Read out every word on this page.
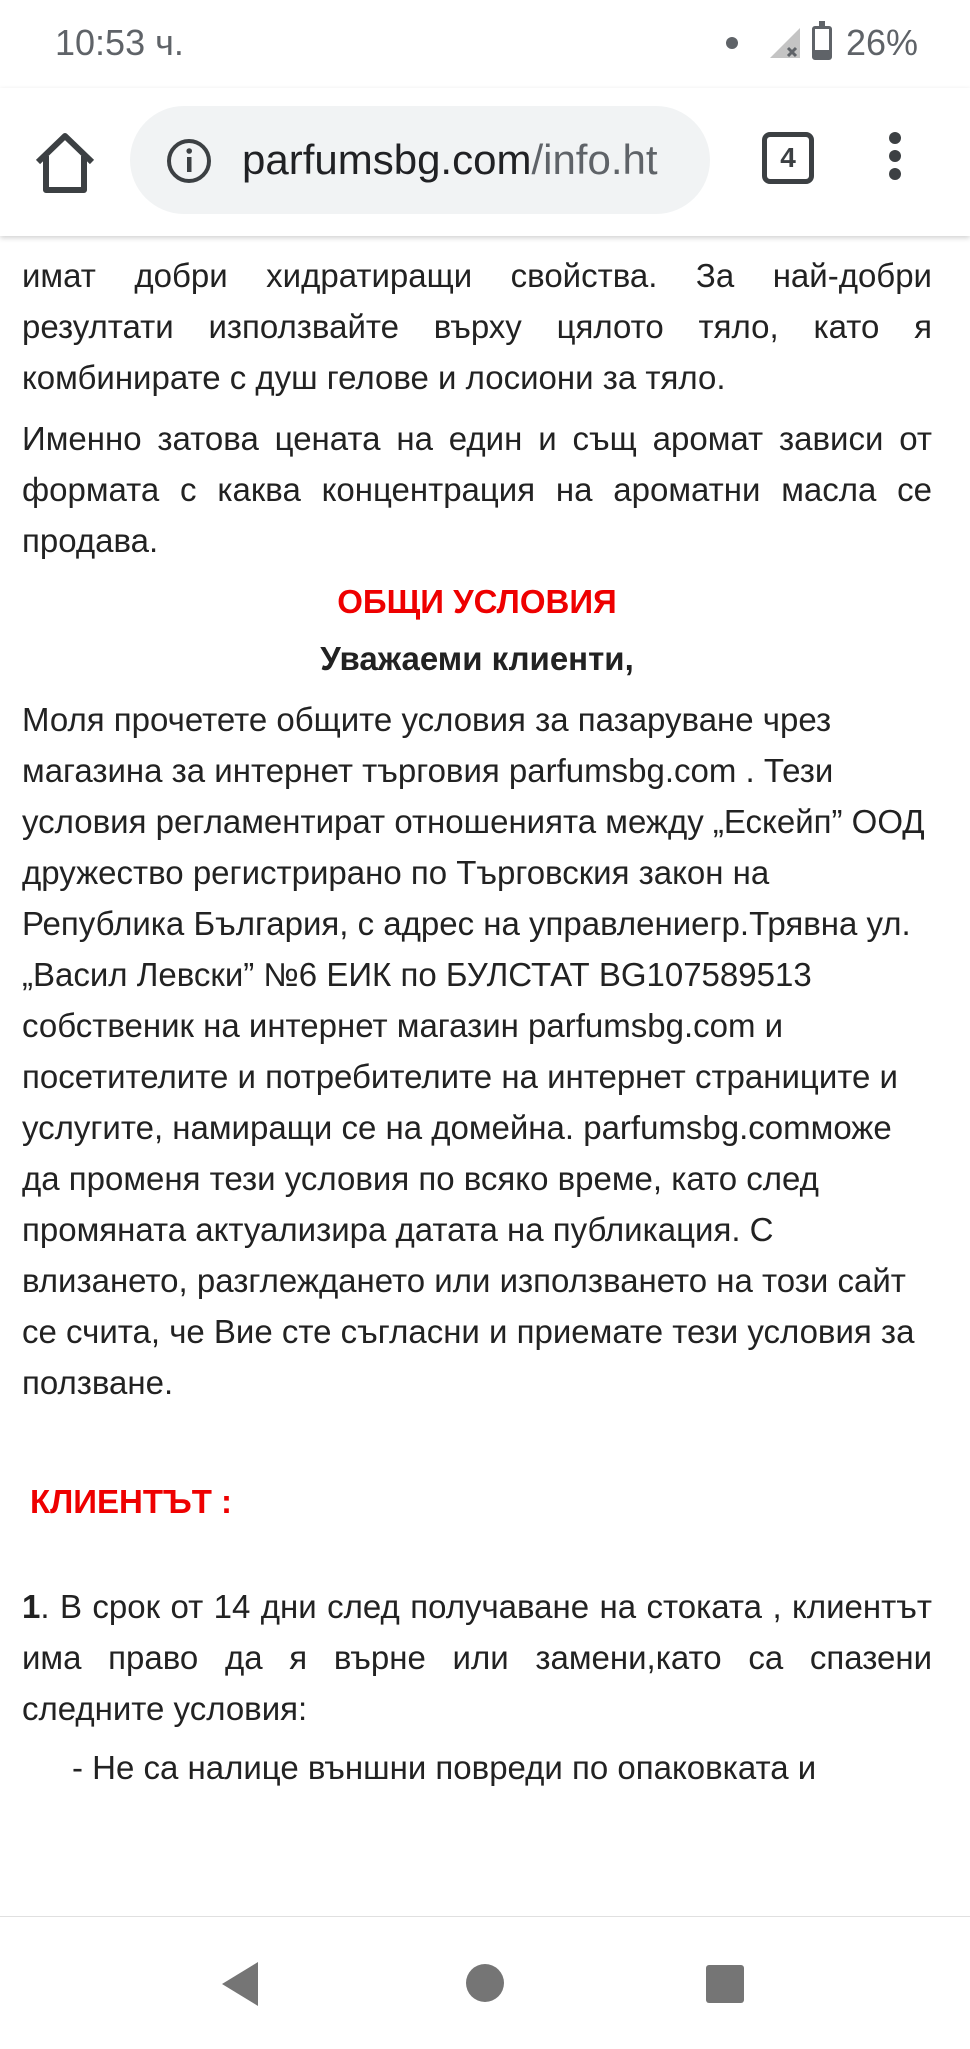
10:53 ч.	26%
parfumsbg.com/info.ht	4

имат добри хидратиращи свойства. За най-добри резултати използвайте върху цялото тяло, като я комбинирате с душ гелове и лосиони за тяло.

Именно затова цената на един и същ аромат зависи от формата с каква концентрация на ароматни масла се продава.

ОБЩИ УСЛОВИЯ
Уважаеми клиенти,

Моля прочетете общите условия за пазаруване чрез магазина за интернет търговия parfumsbg.com . Тези условия регламентират отношенията между „Ескейп” ООД дружество регистрирано по Търговския закон на Република България, с адрес на управлениегр.Трявна ул. „Васил Левски” №6 ЕИК по БУЛСТАТ BG107589513 собственик на интернет магазин parfumsbg.com и посетителите и потребителите на интернет страниците и услугите, намиращи се на домейна. parfumsbg.comможе да променя тези условия по всяко време, като след промяната актуализира датата на публикация. С влизането, разглеждането или използването на този сайт се счита, че Вие сте съгласни и приемате тези условия за ползване.

КЛИЕНТЪТ :

1. В срок от 14 дни след получаване на стоката , клиентът има право да я върне или замени,като са спазени следните условия:

- Не са налице външни повреди по опаковката и
